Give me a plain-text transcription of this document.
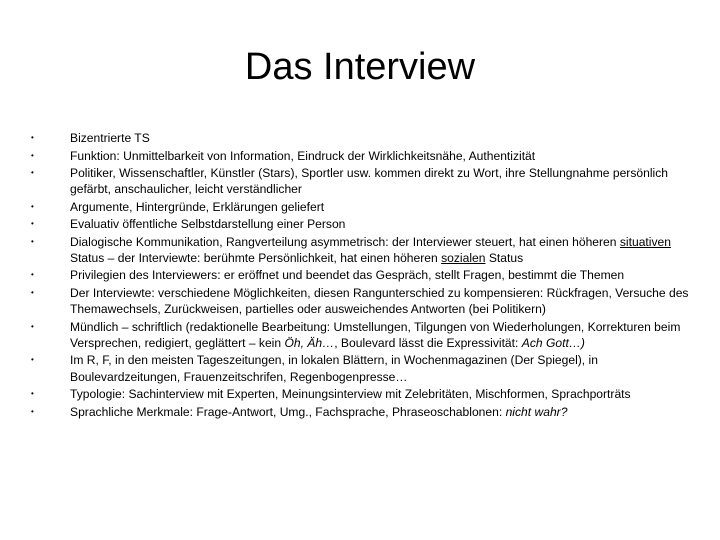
Das Interview
•	Bizentrierte TS
•	Funktion: Unmittelbarkeit von Information, Eindruck der Wirklichkeitsnähe, Authentizität
•	Politiker, Wissenschaftler, Künstler (Stars), Sportler usw. kommen direkt zu Wort, ihre Stellungnahme persönlich gefärbt, anschaulicher, leicht verständlicher
•	Argumente, Hintergründe, Erklärungen geliefert
•	Evaluativ öffentliche Selbstdarstellung einer Person
•	Dialogische Kommunikation, Rangverteilung asymmetrisch: der Interviewer steuert, hat einen höheren situativen Status – der Interviewte: berühmte Persönlichkeit, hat einen höheren sozialen Status
•	Privilegien des Interviewers: er eröffnet und beendet das Gespräch, stellt Fragen, bestimmt die Themen
•	Der Interviewte: verschiedene Möglichkeiten, diesen Rangunterschied zu kompensieren: Rückfragen, Versuche des Themawechsels, Zurückweisen, partielles oder ausweichendes Antworten (bei Politikern)
•	Mündlich – schriftlich (redaktionelle Bearbeitung: Umstellungen, Tilgungen von Wiederholungen, Korrekturen beim Versprechen, redigiert, geglättert – kein Öh, Äh…, Boulevard lässt die Expressivität: Ach Gott…)
•	Im R, F, in den meisten Tageszeitungen, in lokalen Blättern, in Wochenmagazinen (Der Spiegel), in Boulevardzeitungen, Frauenzeitschrifen, Regenbogenpresse…
•	Typologie: Sachinterview mit Experten, Meinungsinterview mit Zelebritäten, Mischformen, Sprachporträts
•	Sprachliche Merkmale: Frage-Antwort, Umg., Fachsprache, Phraseoschablonen: nicht wahr?
